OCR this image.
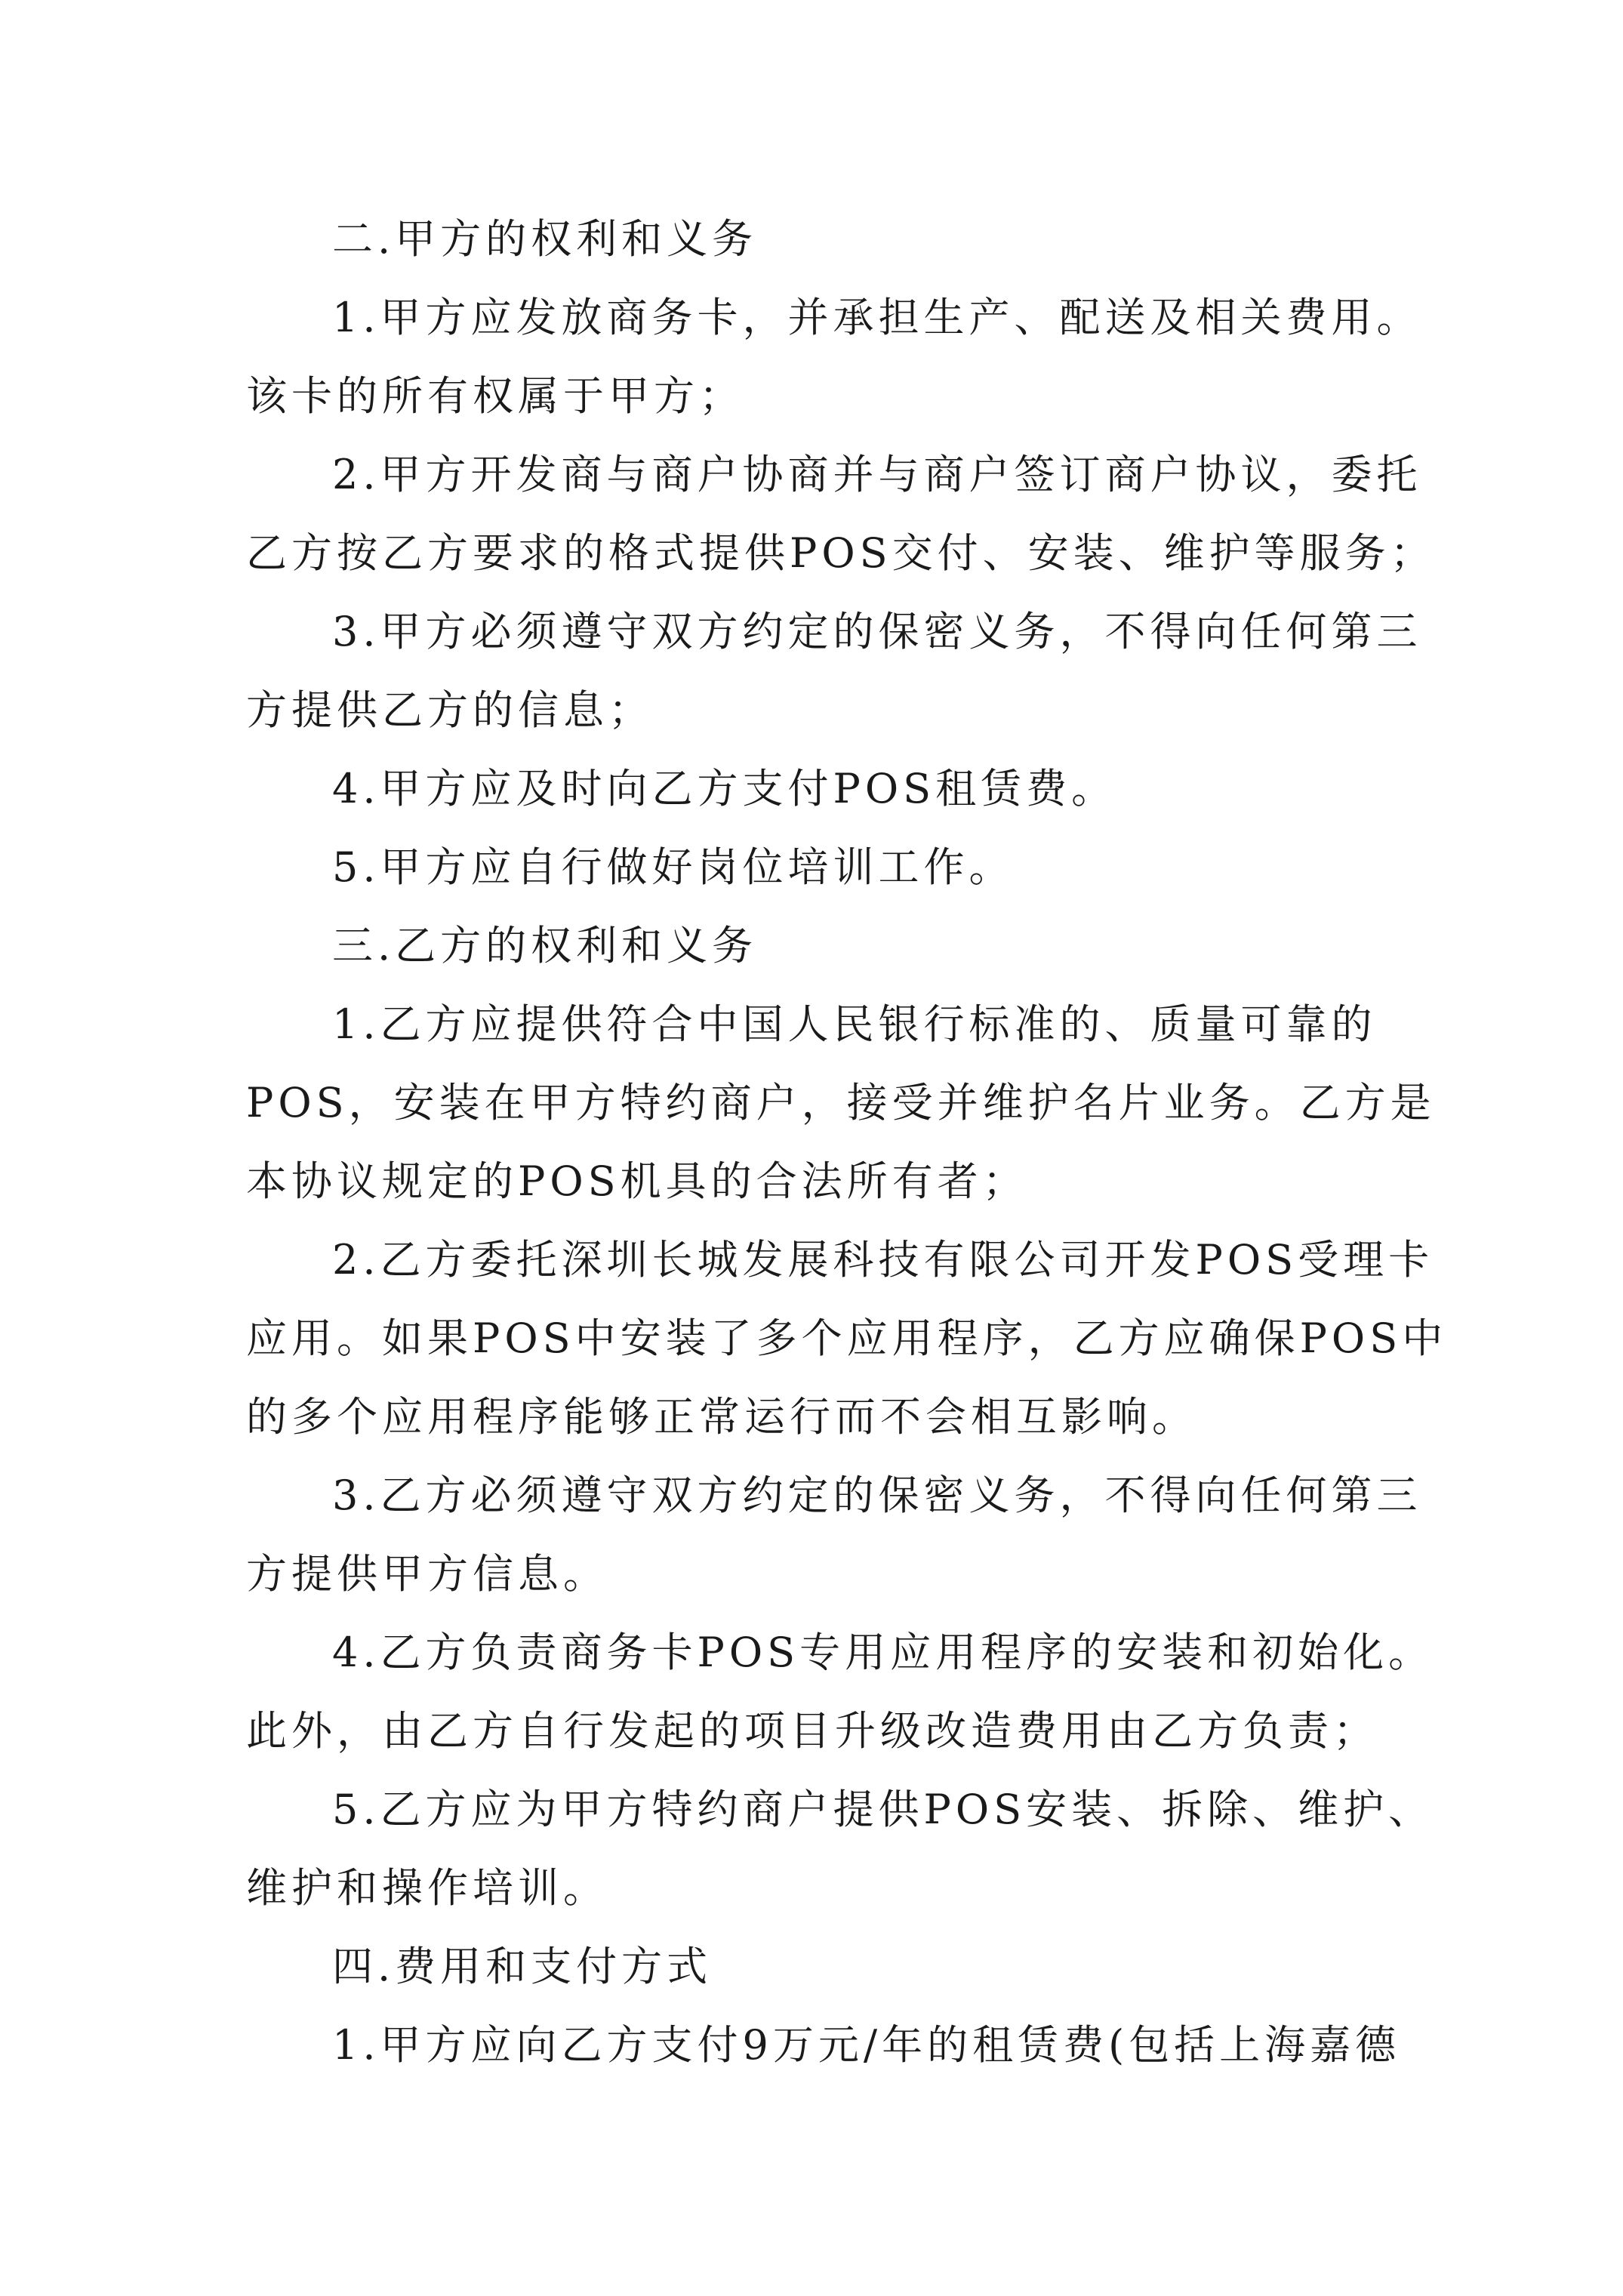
二.甲方的权利和义务
1.甲方应发放商务卡，并承担生产、配送及相关费用。
该卡的所有权属于甲方；
2.甲方开发商与商户协商并与商户签订商户协议，委托
乙方按乙方要求的格式提供POS交付、安装、维护等服务；
3.甲方必须遵守双方约定的保密义务，不得向任何第三
方提供乙方的信息；
4.甲方应及时向乙方支付POS租赁费。
5.甲方应自行做好岗位培训工作。
三.乙方的权利和义务
1.乙方应提供符合中国人民银行标准的、质量可靠的
POS，安装在甲方特约商户，接受并维护名片业务。乙方是
本协议规定的POS机具的合法所有者；
2.乙方委托深圳长城发展科技有限公司开发POS受理卡
应用。如果POS中安装了多个应用程序，乙方应确保POS中
的多个应用程序能够正常运行而不会相互影响。
3.乙方必须遵守双方约定的保密义务，不得向任何第三
方提供甲方信息。
4.乙方负责商务卡POS专用应用程序的安装和初始化。
此外，由乙方自行发起的项目升级改造费用由乙方负责；
5.乙方应为甲方特约商户提供POS安装、拆除、维护、
维护和操作培训。
四.费用和支付方式
1.甲方应向乙方支付9万元/年的租赁费(包括上海嘉德
